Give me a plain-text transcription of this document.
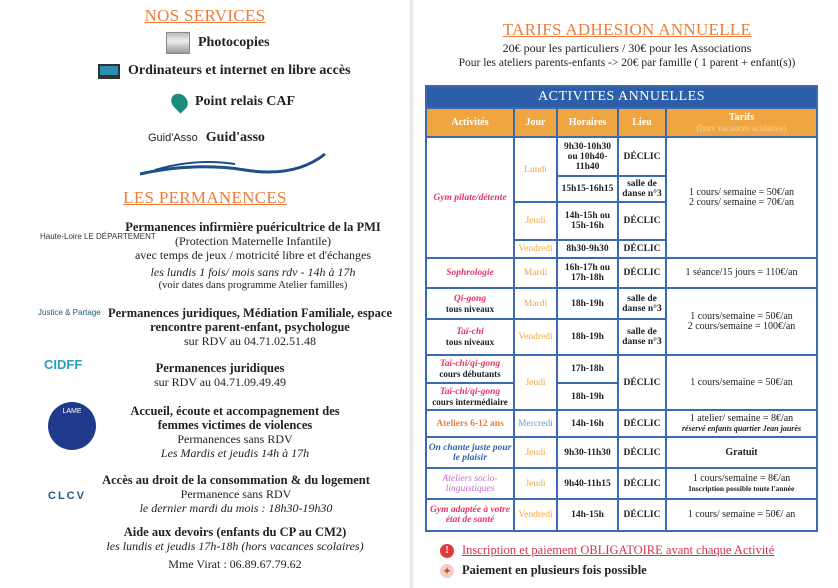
NOS SERVICES
Photocopies
Ordinateurs et internet en libre accès
Point relais CAF
Guid'Asso Guid'asso
LES PERMANENCES
Haute-Loire LE DÉPARTEMENT
Permanences infirmière puéricultrice de la PMI
(Protection Maternelle Infantile)
avec temps de jeux / motricité libre et d'échanges
les lundis 1 fois/ mois sans rdv - 14h à 17h
(voir dates dans programme Atelier familles)
Justice & Partage Permanences juridiques, Médiation Familiale, espace rencontre parent-enfant, psychologue
sur RDV au 04.71.02.51.48
CIDFF	Permanences juridiques
sur RDV au 04.71.09.49.49
LAME	Accueil, écoute et accompagnement des femmes victimes de violences
Permanences sans RDV
Les Mardis et jeudis 14h à 17h
CLCV
Accès au droit de la consommation & du logement
Permanence sans RDV
le dernier mardi du mois : 18h30-19h30
Aide aux devoirs (enfants du CP au CM2)
les lundis et jeudis 17h-18h (hors vacances scolaires)
Mme Virat : 06.89.67.79.62
TARIFS ADHESION ANNUELLE
20€ pour les particuliers / 30€ pour les Associations
Pour les ateliers parents-enfants -> 20€ par famille ( 1 parent + enfant(s))
ACTIVITES ANNUELLES				
Activités	Jour	Horaires	Lieu	Tarifs
(hors vacances scolaires)

Gym pilate/détente	Lundi	9h30-10h30 ou 10h40-11h40	DÉCLIC	1 cours/ semaine = 50€/an
2 cours/ semaine = 70€/an

		15h15-16h15	salle de danse n°3	
	Jeudi	14h-15h ou 15h-16h	DÉCLIC	
	Vendredi	8h30-9h30	DÉCLIC	
Sophrologie	Mardi	16h-17h ou 17h-18h	DÉCLIC	1 séance/15 jours = 110€/an
Qi-gong
tous niveaux	Mardi	18h-19h	salle de danse n°3	1 cours/semaine = 50€/an
2 cours/semaine = 100€/an

Taï-chi
tous niveaux	Vendredi	18h-19h	salle de danse n°3	
Taï-chi/qi-gong
cours débutants	Jeudi	17h-18h	DÉCLIC	1 cours/semaine = 50€/an
Taï-chi/qi-gong
cours intermédiaire		18h-19h		
Ateliers 6-12 ans	Mercredi	14h-16h	DÉCLIC	1 atelier/ semaine = 8€/an
réservé enfants quartier Jean jaurès

On chante juste pour le plaisir	Jeudi	9h30-11h30	DÉCLIC	Gratuit
Ateliers socio-linguistiques	Jeudi	9h40-11h15	DÉCLIC	1 cours/semaine = 8€/an
Inscription possible toute l'année

Gym adaptée à votre état de santé	Vendredi	14h-15h	DÉCLIC	1 cours/ semaine = 50€/ an
!	Inscription et paiement OBLIGATOIRE avant chaque Activité
✦ Paiement en plusieurs fois possible
